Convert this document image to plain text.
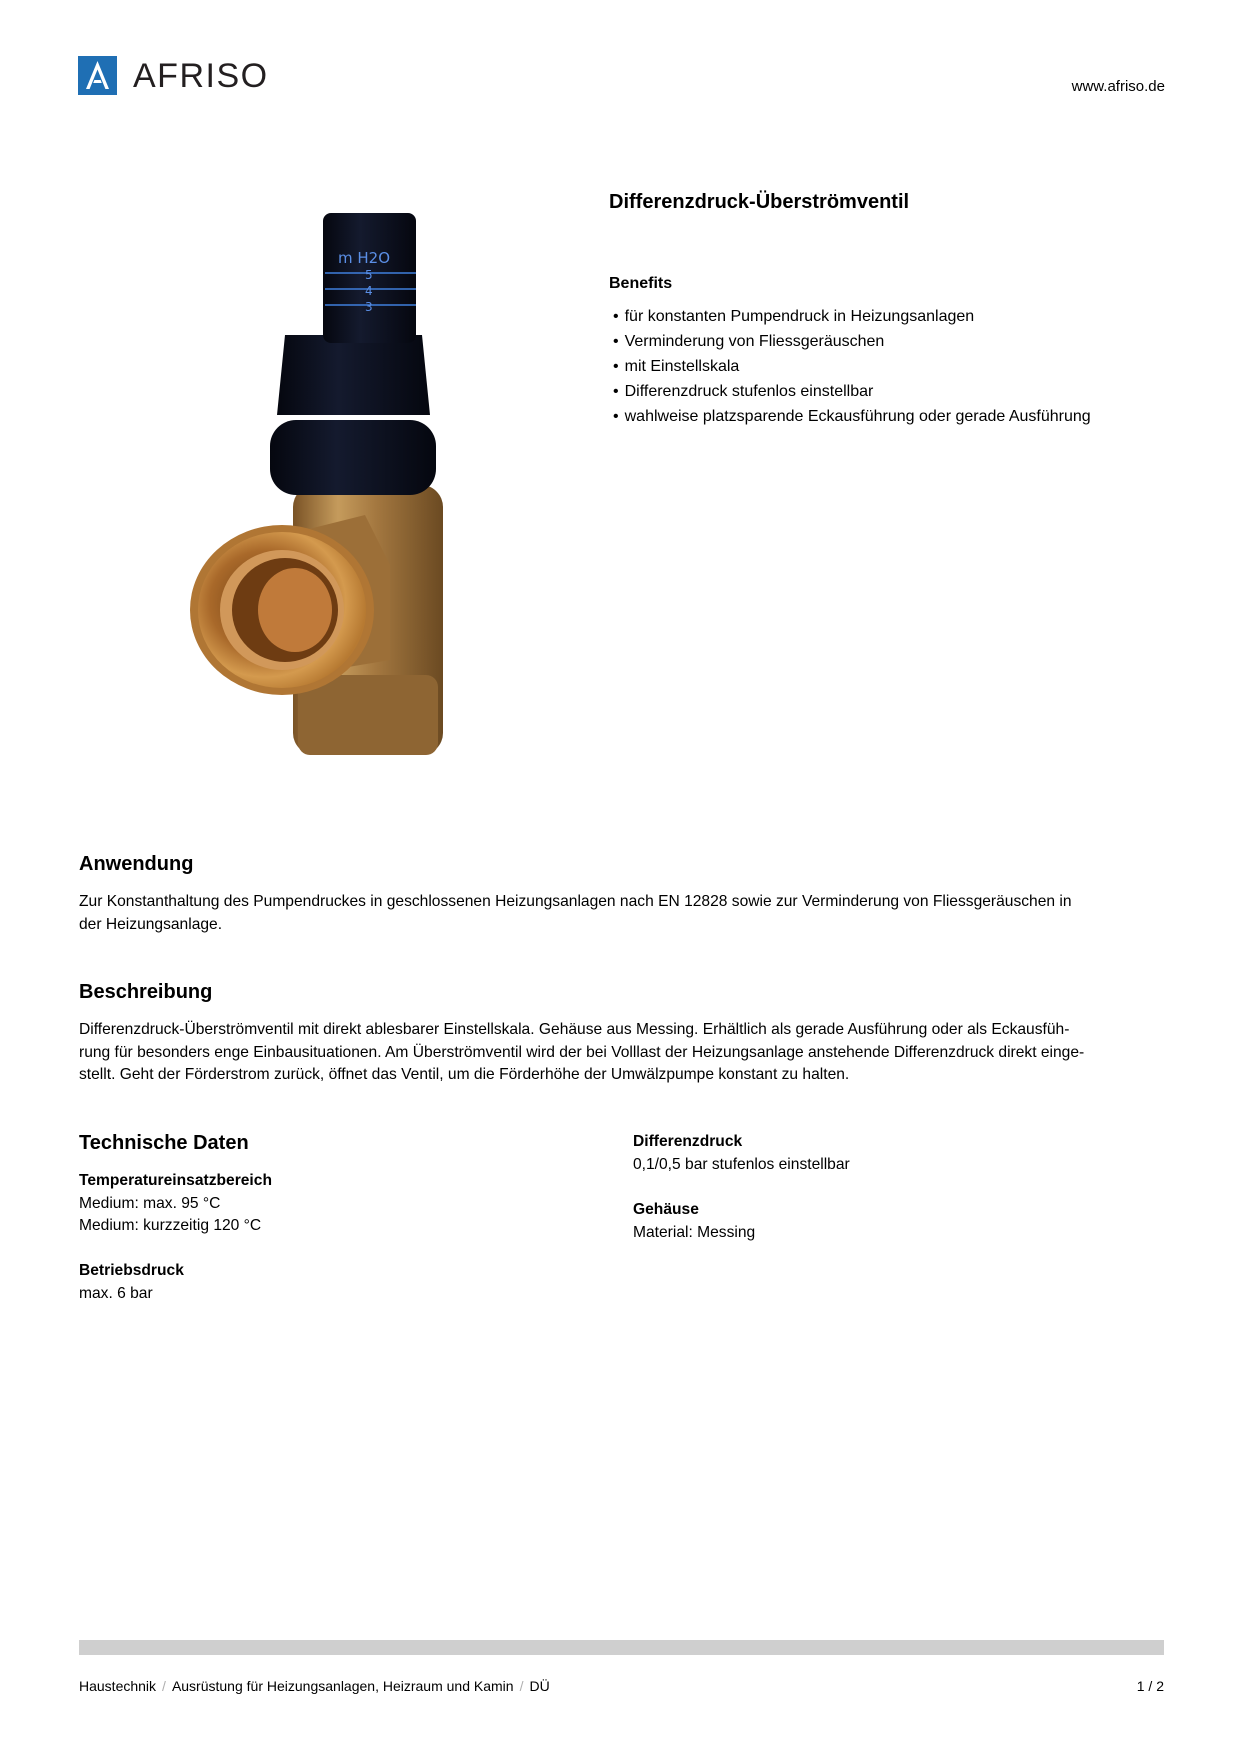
AFRISO	www.afriso.de
m H2O
5
4
3
Differenzdruck-Überströmventil
Benefits
• für konstanten Pumpendruck in Heizungsanlagen
• Verminderung von Fliessgeräuschen
• mit Einstellskala
• Differenzdruck stufenlos einstellbar
• wahlweise platzsparende Eckausführung oder gerade Ausführung
Anwendung
Zur Konstanthaltung des Pumpendruckes in geschlossenen Heizungsanlagen nach EN 12828 sowie zur Verminderung von Fliessgeräuschen in
der Heizungsanlage.
Beschreibung
Differenzdruck-Überströmventil mit direkt ablesbarer Einstellskala. Gehäuse aus Messing. Erhältlich als gerade Ausführung oder als Eckausfüh-
rung für besonders enge Einbausituationen. Am Überströmventil wird der bei Volllast der Heizungsanlage anstehende Differenzdruck direkt einge-
stellt. Geht der Förderstrom zurück, öffnet das Ventil, um die Förderhöhe der Umwälzpumpe konstant zu halten.
Technische Daten
Temperatureinsatzbereich
Medium: max. 95 °C
Medium: kurzzeitig 120 °C
Betriebsdruck
max. 6 bar
Differenzdruck
0,1/0,5 bar stufenlos einstellbar
Gehäuse
Material: Messing
Haustechnik / Ausrüstung für Heizungsanlagen, Heizraum und Kamin / DÜ	1 / 2
